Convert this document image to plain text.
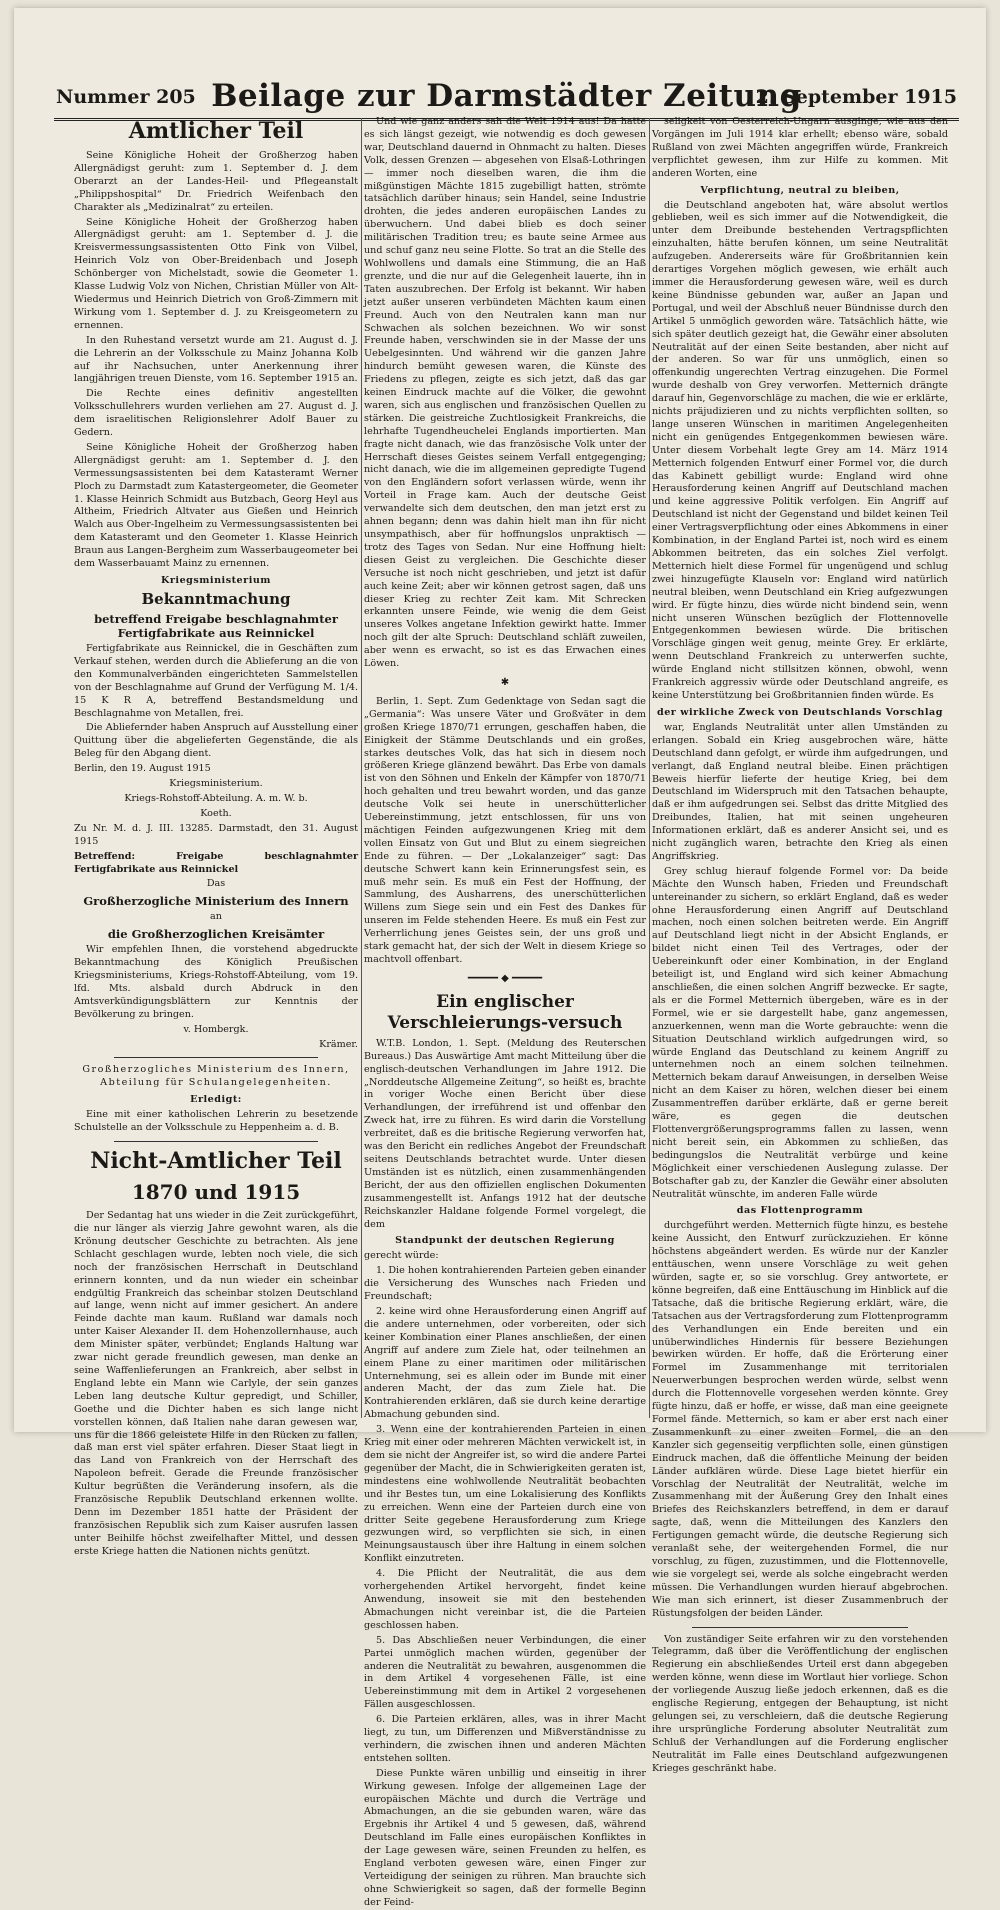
Nummer 205 Beilage zur Darmstädter Zeitung
2. September 1915
Amtlicher Teil

Seine Königliche Hoheit der Großherzog haben Allergnädigst geruht: zum 1. September d. J. dem Oberarzt an der Landes-Heil- und Pflegeanstalt „Philippshospital“ Dr. Friedrich Weifenbach den Charakter als „Medizinalrat“ zu erteilen.

Seine Königliche Hoheit der Großherzog haben Allergnädigst geruht: am 1. September d. J. die Kreisvermessungsassistenten Otto Fink von Vilbel, Heinrich Volz von Ober-Breidenbach und Joseph Schönberger von Michelstadt, sowie die Geometer 1. Klasse Ludwig Volz von Nichen, Christian Müller von Alt-Wiedermus und Heinrich Dietrich von Groß-Zimmern mit Wirkung vom 1. September d. J. zu Kreisgeometern zu ernennen.

In den Ruhestand versetzt wurde am 21. August d. J. die Lehrerin an der Volksschule zu Mainz Johanna Kolb auf ihr Nachsuchen, unter Anerkennung ihrer langjährigen treuen Dienste, vom 16. September 1915 an.

Die Rechte eines definitiv angestellten Volksschullehrers wurden verliehen am 27. August d. J. dem israelitischen Religionslehrer Adolf Bauer zu Gedern.

Seine Königliche Hoheit der Großherzog haben Allergnädigst geruht: am 1. September d. J. den Vermessungsassistenten bei dem Katasteramt Werner Ploch zu Darmstadt zum Katastergeometer, die Geometer 1. Klasse Heinrich Schmidt aus Butzbach, Georg Heyl aus Altheim, Friedrich Altvater aus Gießen und Heinrich Walch aus Ober-Ingelheim zu Vermessungsassistenten bei dem Katasteramt und den Geometer 1. Klasse Heinrich Braun aus Langen-Bergheim zum Wasserbaugeometer bei dem Wasserbauamt Mainz zu ernennen.

Kriegsministerium
Bekanntmachung
betreffend Freigabe beschlagnahmter Fertigfabrikate aus Reinnickel

Fertigfabrikate aus Reinnickel, die in Geschäften zum Verkauf stehen, werden durch die Ablieferung an die von den Kommunalverbänden eingerichteten Sammelstellen von der Beschlagnahme auf Grund der Verfügung M. 1/4. 15 K R A, betreffend Bestandsmeldung und Beschlagnahme von Metallen, frei.

Die Abliefernder haben Anspruch auf Ausstellung einer Quittung über die abgelieferten Gegenstände, die als Beleg für den Abgang dient.

Berlin, den 19. August 1915

Kriegsministerium.

Kriegs-Rohstoff-Abteilung. A. m. W. b.

Koeth.

Zu Nr. M. d. J. III. 13285. Darmstadt, den 31. August 1915

Betreffend: Freigabe beschlagnahmter Fertigfabrikate aus Reinnickel

Das

Großherzogliche Ministerium des Innern

an

die Großherzoglichen Kreisämter

Wir empfehlen Ihnen, die vorstehend abgedruckte Bekanntmachung des Königlich Preußischen Kriegsministeriums, Kriegs-Rohstoff-Abteilung, vom 19. lfd. Mts. alsbald durch Abdruck in den Amtsverkündigungsblättern zur Kenntnis der Bevölkerung zu bringen.

v. Hombergk.

Krämer.

Großherzogliches Ministerium des Innern, Abteilung für Schulangelegenheiten.

Erledigt:

Eine mit einer katholischen Lehrerin zu besetzende Schulstelle an der Volksschule zu Heppenheim a. d. B.

Nicht-Amtlicher Teil
1870 und 1915

Der Sedantag hat uns wieder in die Zeit zurückgeführt, die nur länger als vierzig Jahre gewohnt waren, als die Krönung deutscher Geschichte zu betrachten. Als jene Schlacht geschlagen wurde, lebten noch viele, die sich noch der französischen Herrschaft in Deutschland erinnern konnten, und da nun wieder ein scheinbar endgültig Frankreich das scheinbar stolzen Deutschland auf lange, wenn nicht auf immer gesichert. An andere Feinde dachte man kaum. Rußland war damals noch unter Kaiser Alexander II. dem Hohenzollernhause, auch dem Minister später, verbündet; Englands Haltung war zwar nicht gerade freundlich gewesen, man denke an seine Waffenlieferungen an Frankreich, aber selbst in England lebte ein Mann wie Carlyle, der sein ganzes Leben lang deutsche Kultur gepredigt, und Schiller, Goethe und die Dichter haben es sich lange nicht vorstellen können, daß Italien nahe daran gewesen war, uns für die 1866 geleistete Hilfe in den Rücken zu fallen, daß man erst viel später erfahren. Dieser Staat liegt in das Land von Frankreich von der Herrschaft des Napoleon befreit. Gerade die Freunde französischer Kultur begrüßten die Veränderung insofern, als die Französische Republik Deutschland erkennen wollte. Denn im Dezember 1851 hatte der Präsident der französischen Republik sich zum Kaiser ausrufen lassen unter Beihilfe höchst zweifelhafter Mittel, und dessen erste Kriege hatten die Nationen nichts genützt.

Und wie ganz anders sah die Welt 1914 aus! Da hatte es sich längst gezeigt, wie notwendig es doch gewesen war, Deutschland dauernd in Ohnmacht zu halten. Dieses Volk, dessen Grenzen — abgesehen von Elsaß-Lothringen — immer noch dieselben waren, die ihm die mißgünstigen Mächte 1815 zugebilligt hatten, strömte tatsächlich darüber hinaus; sein Handel, seine Industrie drohten, die jedes anderen europäischen Landes zu überwuchern. Und dabei blieb es doch seiner militärischen Tradition treu; es baute seine Armee aus und schuf ganz neu seine Flotte. So trat an die Stelle des Wohlwollens und damals eine Stimmung, die an Haß grenzte, und die nur auf die Gelegenheit lauerte, ihn in Taten auszubrechen. Der Erfolg ist bekannt. Wir haben jetzt außer unseren verbündeten Mächten kaum einen Freund. Auch von den Neutralen kann man nur Schwachen als solchen bezeichnen. Wo wir sonst Freunde haben, verschwinden sie in der Masse der uns Uebelgesinnten. Und während wir die ganzen Jahre hindurch bemüht gewesen waren, die Künste des Friedens zu pflegen, zeigte es sich jetzt, daß das gar keinen Eindruck machte auf die Völker, die gewohnt waren, sich aus englischen und französischen Quellen zu stärken. Die geistreiche Zuchtlosigkeit Frankreichs, die lehrhafte Tugendheuchelei Englands importierten. Man fragte nicht danach, wie das französische Volk unter der Herrschaft dieses Geistes seinem Verfall entgegenging; nicht danach, wie die im allgemeinen gepredigte Tugend von den Engländern sofort verlassen würde, wenn ihr Vorteil in Frage kam. Auch der deutsche Geist verwandelte sich dem deutschen, den man jetzt erst zu ahnen begann; denn was dahin hielt man ihn für nicht unsympathisch, aber für hoffnungslos unpraktisch — trotz des Tages von Sedan. Nur eine Hoffnung hielt: diesen Geist zu vergleichen. Die Geschichte dieser Versuche ist noch nicht geschrieben, und jetzt ist dafür auch keine Zeit; aber wir können getrost sagen, daß uns dieser Krieg zu rechter Zeit kam. Mit Schrecken erkannten unsere Feinde, wie wenig die dem Geist unseres Volkes angetane Infektion gewirkt hatte. Immer noch gilt der alte Spruch: Deutschland schläft zuweilen, aber wenn es erwacht, so ist es das Erwachen eines Löwen.

✱

Berlin, 1. Sept. Zum Gedenktage von Sedan sagt die „Germania“: Was unsere Väter und Großväter in dem großen Kriege 1870/71 errungen, geschaffen haben, die Einigkeit der Stämme Deutschlands und ein großes, starkes deutsches Volk, das hat sich in diesem noch größeren Kriege glänzend bewährt. Das Erbe von damals ist von den Söhnen und Enkeln der Kämpfer von 1870/71 hoch gehalten und treu bewahrt worden, und das ganze deutsche Volk sei heute in unerschütterlicher Uebereinstimmung, jetzt entschlossen, für uns von mächtigen Feinden aufgezwungenen Krieg mit dem vollen Einsatz von Gut und Blut zu einem siegreichen Ende zu führen. — Der „Lokalanzeiger“ sagt: Das deutsche Schwert kann kein Erinnerungsfest sein, es muß mehr sein. Es muß ein Fest der Hoffnung, der Sammlung, des Ausharrens, des unerschütterlichen Willens zum Siege sein und ein Fest des Dankes für unseren im Felde stehenden Heere. Es muß ein Fest zur Verherrlichung jenes Geistes sein, der uns groß und stark gemacht hat, der sich der Welt in diesem Kriege so machtvoll offenbart.

━━━━━ ◆ ━━━━━
Ein englischer Verschleierungs-versuch

W.T.B. London, 1. Sept. (Meldung des Reuterschen Bureaus.) Das Auswärtige Amt macht Mitteilung über die englisch-deutschen Verhandlungen im Jahre 1912. Die „Norddeutsche Allgemeine Zeitung“, so heißt es, brachte in voriger Woche einen Bericht über diese Verhandlungen, der irreführend ist und offenbar den Zweck hat, irre zu führen. Es wird darin die Vorstellung verbreitet, daß es die britische Regierung verworfen hat, was den Bericht ein redliches Angebot der Freundschaft seitens Deutschlands betrachtet wurde. Unter diesen Umständen ist es nützlich, einen zusammenhängenden Bericht, der aus den offiziellen englischen Dokumenten zusammengestellt ist. Anfangs 1912 hat der deutsche Reichskanzler Haldane folgende Formel vorgelegt, die dem

Standpunkt der deutschen Regierung

gerecht würde:

1. Die hohen kontrahierenden Parteien geben einander die Versicherung des Wunsches nach Frieden und Freundschaft;

2. keine wird ohne Herausforderung einen Angriff auf die andere unternehmen, oder vorbereiten, oder sich keiner Kombination einer Planes anschließen, der einen Angriff auf andere zum Ziele hat, oder teilnehmen an einem Plane zu einer maritimen oder militärischen Unternehmung, sei es allein oder im Bunde mit einer anderen Macht, der das zum Ziele hat. Die Kontrahierenden erklären, daß sie durch keine derartige Abmachung gebunden sind.

3. Wenn eine der kontrahierenden Parteien in einen Krieg mit einer oder mehreren Mächten verwickelt ist, in dem sie nicht der Angreifer ist, so wird die andere Partei gegenüber der Macht, die in Schwierigkeiten geraten ist, mindestens eine wohlwollende Neutralität beobachten und ihr Bestes tun, um eine Lokalisierung des Konflikts zu erreichen. Wenn eine der Parteien durch eine von dritter Seite gegebene Herausforderung zum Kriege gezwungen wird, so verpflichten sie sich, in einen Meinungsaustausch über ihre Haltung in einem solchen Konflikt einzutreten.

4. Die Pflicht der Neutralität, die aus dem vorhergehenden Artikel hervorgeht, findet keine Anwendung, insoweit sie mit den bestehenden Abmachungen nicht vereinbar ist, die die Parteien geschlossen haben.

5. Das Abschließen neuer Verbindungen, die einer Partei unmöglich machen würden, gegenüber der anderen die Neutralität zu bewahren, ausgenommen die in dem Artikel 4 vorgesehenen Fälle, ist eine Uebereinstimmung mit dem in Artikel 2 vorgesehenen Fällen ausgeschlossen.

6. Die Parteien erklären, alles, was in ihrer Macht liegt, zu tun, um Differenzen und Mißverständnisse zu verhindern, die zwischen ihnen und anderen Mächten entstehen sollten.

Diese Punkte wären unbillig und einseitig in ihrer Wirkung gewesen. Infolge der allgemeinen Lage der europäischen Mächte und durch die Verträge und Abmachungen, an die sie gebunden waren, wäre das Ergebnis ihr Artikel 4 und 5 gewesen, daß, während Deutschland im Falle eines europäischen Konfliktes in der Lage gewesen wäre, seinen Freunden zu helfen, es England verboten gewesen wäre, einen Finger zur Verteidigung der seinigen zu rühren. Man brauchte sich ohne Schwierigkeit so sagen, daß der formelle Beginn der Feind-

seligkeit von Oesterreich-Ungarn ausginge, wie aus den Vorgängen im Juli 1914 klar erhellt; ebenso wäre, sobald Rußland von zwei Mächten angegriffen würde, Frankreich verpflichtet gewesen, ihm zur Hilfe zu kommen. Mit anderen Worten, eine

Verpflichtung, neutral zu bleiben,

die Deutschland angeboten hat, wäre absolut wertlos geblieben, weil es sich immer auf die Notwendigkeit, die unter dem Dreibunde bestehenden Vertragspflichten einzuhalten, hätte berufen können, um seine Neutralität aufzugeben. Andererseits wäre für Großbritannien kein derartiges Vorgehen möglich gewesen, wie erhält auch immer die Herausforderung gewesen wäre, weil es durch keine Bündnisse gebunden war, außer an Japan und Portugal, und weil der Abschluß neuer Bündnisse durch den Artikel 5 unmöglich geworden wäre. Tatsächlich hätte, wie sich später deutlich gezeigt hat, die Gewähr einer absoluten Neutralität auf der einen Seite bestanden, aber nicht auf der anderen. So war für uns unmöglich, einen so offenkundig ungerechten Vertrag einzugehen. Die Formel wurde deshalb von Grey verworfen. Metternich drängte darauf hin, Gegenvorschläge zu machen, die wie er erklärte, nichts präjudizieren und zu nichts verpflichten sollten, so lange unseren Wünschen in maritimen Angelegenheiten nicht ein genügendes Entgegenkommen bewiesen wäre. Unter diesem Vorbehalt legte Grey am 14. März 1914 Metternich folgenden Entwurf einer Formel vor, die durch das Kabinett gebilligt wurde: England wird ohne Herausforderung keinen Angriff auf Deutschland machen und keine aggressive Politik verfolgen. Ein Angriff auf Deutschland ist nicht der Gegenstand und bildet keinen Teil einer Vertragsverpflichtung oder eines Abkommens in einer Kombination, in der England Partei ist, noch wird es einem Abkommen beitreten, das ein solches Ziel verfolgt. Metternich hielt diese Formel für ungenügend und schlug zwei hinzugefügte Klauseln vor: England wird natürlich neutral bleiben, wenn Deutschland ein Krieg aufgezwungen wird. Er fügte hinzu, dies würde nicht bindend sein, wenn nicht unseren Wünschen bezüglich der Flottennovelle Entgegenkommen bewiesen würde. Die britischen Vorschläge gingen weit genug, meinte Grey. Er erklärte, wenn Deutschland Frankreich zu unterwerfen suchte, würde England nicht stillsitzen können, obwohl, wenn Frankreich aggressiv würde oder Deutschland angreife, es keine Unterstützung bei Großbritannien finden würde. Es

der wirkliche Zweck von Deutschlands Vorschlag

war, Englands Neutralität unter allen Umständen zu erlangen. Sobald ein Krieg ausgebrochen wäre, hätte Deutschland dann gefolgt, er würde ihm aufgedrungen, und verlangt, daß England neutral bleibe. Einen prächtigen Beweis hierfür lieferte der heutige Krieg, bei dem Deutschland im Widerspruch mit den Tatsachen behaupte, daß er ihm aufgedrungen sei. Selbst das dritte Mitglied des Dreibundes, Italien, hat mit seinen ungeheuren Informationen erklärt, daß es anderer Ansicht sei, und es nicht zugänglich waren, betrachte den Krieg als einen Angriffskrieg.

Grey schlug hierauf folgende Formel vor: Da beide Mächte den Wunsch haben, Frieden und Freundschaft untereinander zu sichern, so erklärt England, daß es weder ohne Herausforderung einen Angriff auf Deutschland machen, noch einen solchen beitreten werde. Ein Angriff auf Deutschland liegt nicht in der Absicht Englands, er bildet nicht einen Teil des Vertrages, oder der Uebereinkunft oder einer Kombination, in der England beteiligt ist, und England wird sich keiner Abmachung anschließen, die einen solchen Angriff bezwecke. Er sagte, als er die Formel Metternich übergeben, wäre es in der Formel, wie er sie dargestellt habe, ganz angemessen, anzuerkennen, wenn man die Worte gebrauchte: wenn die Situation Deutschland wirklich aufgedrungen wird, so würde England das Deutschland zu keinem Angriff zu unternehmen noch an einem solchen teilnehmen. Metternich bekam darauf Anweisungen, in derselben Weise nicht an dem Kaiser zu hören, welchen dieser bei einem Zusammentreffen darüber erklärte, daß er gerne bereit wäre, es gegen die deutschen Flottenvergrößerungsprogramms fallen zu lassen, wenn nicht bereit sein, ein Abkommen zu schließen, das bedingungslos die Neutralität verbürge und keine Möglichkeit einer verschiedenen Auslegung zulasse. Der Botschafter gab zu, der Kanzler die Gewähr einer absoluten Neutralität wünschte, im anderen Falle würde

das Flottenprogramm

durchgeführt werden. Metternich fügte hinzu, es bestehe keine Aussicht, den Entwurf zurückzuziehen. Er könne höchstens abgeändert werden. Es würde nur der Kanzler enttäuschen, wenn unsere Vorschläge zu weit gehen würden, sagte er, so sie vorschlug. Grey antwortete, er könne begreifen, daß eine Enttäuschung im Hinblick auf die Tatsache, daß die britische Regierung erklärt, wäre, die Tatsachen aus der Vertragsforderung zum Flottenprogramm des Verhandlungen ein Ende bereiten und ein unüberwindliches Hindernis für bessere Beziehungen bewirken würden. Er hoffe, daß die Erörterung einer Formel im Zusammenhange mit territorialen Neuerwerbungen besprochen werden würde, selbst wenn durch die Flottennovelle vorgesehen werden könnte. Grey fügte hinzu, daß er hoffe, er wisse, daß man eine geeignete Formel fände. Metternich, so kam er aber erst nach einer Zusammenkunft zu einer zweiten Formel, die an den Kanzler sich gegenseitig verpflichten solle, einen günstigen Eindruck machen, daß die öffentliche Meinung der beiden Länder aufklären würde. Diese Lage bietet hierfür ein Vorschlag der Neutralität der Neutralität, welche im Zusammenhang mit der Äußerung Grey den Inhalt eines Briefes des Reichskanzlers betreffend, in dem er darauf sagte, daß, wenn die Mitteilungen des Kanzlers den Fertigungen gemacht würde, die deutsche Regierung sich veranlaßt sehe, der weitergehenden Formel, die nur vorschlug, zu fügen, zuzustimmen, und die Flottennovelle, wie sie vorgelegt sei, werde als solche eingebracht werden müssen. Die Verhandlungen wurden hierauf abgebrochen. Wie man sich erinnert, ist dieser Zusammenbruch der Rüstungsfolgen der beiden Länder.

Von zuständiger Seite erfahren wir zu den vorstehenden Telegramm, daß über die Veröffentlichung der englischen Regierung ein abschließendes Urteil erst dann abgegeben werden könne, wenn diese im Wortlaut hier vorliege. Schon der vorliegende Auszug ließe jedoch erkennen, daß es die englische Regierung, entgegen der Behauptung, ist nicht gelungen sei, zu verschleiern, daß die deutsche Regierung ihre ursprüngliche Forderung absoluter Neutralität zum Schluß der Verhandlungen auf die Forderung englischer Neutralität im Falle eines Deutschland aufgezwungenen Krieges geschränkt habe.
